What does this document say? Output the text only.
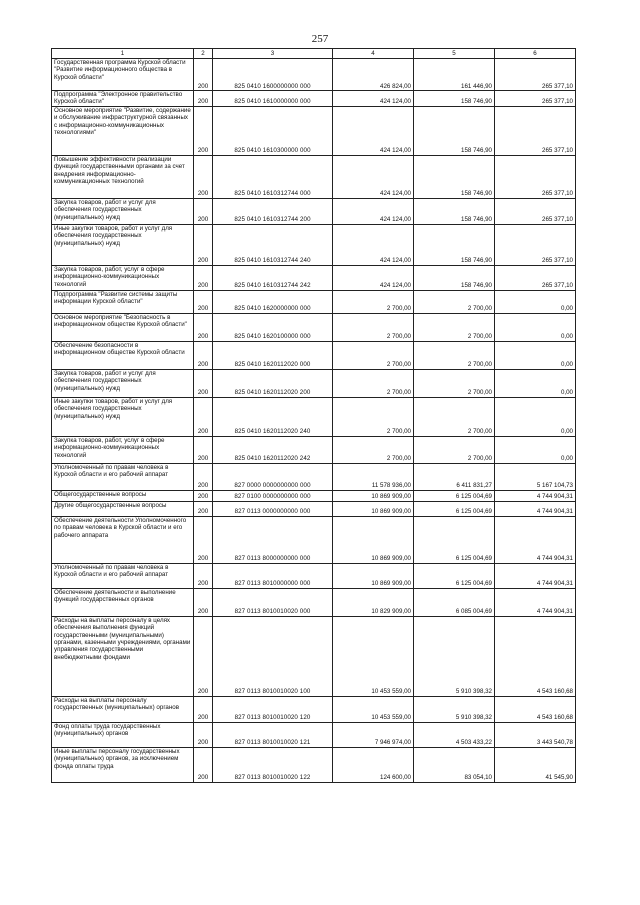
257
1	2	3	4	5	6
Государственная программа Курской области "Развитие информационного общества в Курской области"	200	825 0410 1600000000 000	426 824,00	161 446,90	265 377,10
Подпрограмма "Электронное правительство Курской области"	200	825 0410 1610000000 000	424 124,00	158 746,90	265 377,10
Основное мероприятие "Развитие, содержание и обслуживание инфраструктурной связанных с информационно-коммуникационных технологиями"	200	825 0410 1610300000 000	424 124,00	158 746,90	265 377,10
Повышение эффективности реализации функций государственными органами за счет внедрения информационно-коммуникационных технологий	200	825 0410 1610312744 000	424 124,00	158 746,90	265 377,10
Закупка товаров, работ и услуг для обеспечения государственных (муниципальных) нужд	200	825 0410 1610312744 200	424 124,00	158 746,90	265 377,10
Иные закупки товаров, работ и услуг для обеспечения государственных (муниципальных) нужд	200	825 0410 1610312744 240	424 124,00	158 746,90	265 377,10
Закупка товаров, работ, услуг в сфере информационно-коммуникационных технологий	200	825 0410 1610312744 242	424 124,00	158 746,90	265 377,10
Подпрограмма "Развитие системы защиты информации Курской области"	200	825 0410 1620000000 000	2 700,00	2 700,00	0,00
Основное мероприятие "Безопасность в информационном обществе Курской области"	200	825 0410 1620100000 000	2 700,00	2 700,00	0,00
Обеспечение безопасности в информационном обществе Курской области	200	825 0410 1620112020 000	2 700,00	2 700,00	0,00
Закупка товаров, работ и услуг для обеспечения государственных (муниципальных) нужд	200	825 0410 1620112020 200	2 700,00	2 700,00	0,00
Иные закупки товаров, работ и услуг для обеспечения государственных (муниципальных) нужд	200	825 0410 1620112020 240	2 700,00	2 700,00	0,00
Закупка товаров, работ, услуг в сфере информационно-коммуникационных технологий	200	825 0410 1620112020 242	2 700,00	2 700,00	0,00
Уполномоченный по правам человека в Курской области и его рабочий аппарат	200	827 0000 0000000000 000	11 578 936,00	6 411 831,27	5 167 104,73
Общегосударственные вопросы	200	827 0100 0000000000 000	10 869 909,00	6 125 004,69	4 744 904,31
Другие общегосударственные вопросы	200	827 0113 0000000000 000	10 869 909,00	6 125 004,69	4 744 904,31
Обеспечение деятельности Уполномоченного по правам человека в Курской области и его рабочего аппарата	200	827 0113 8000000000 000	10 869 909,00	6 125 004,69	4 744 904,31
Уполномоченный по правам человека в Курской области и его рабочий аппарат	200	827 0113 8010000000 000	10 869 909,00	6 125 004,69	4 744 904,31
Обеспечение деятельности и выполнение функций государственных органов	200	827 0113 8010010020 000	10 829 909,00	6 085 004,69	4 744 904,31
Расходы на выплаты персоналу в целях обеспечения выполнения функций государственными (муниципальными) органами, казенными учреждениями, органами управления государственными внебюджетными фондами	200	827 0113 8010010020 100	10 453 559,00	5 910 398,32	4 543 160,68
Расходы на выплаты персоналу государственных (муниципальных) органов	200	827 0113 8010010020 120	10 453 559,00	5 910 398,32	4 543 160,68
Фонд оплаты труда государственных (муниципальных) органов	200	827 0113 8010010020 121	7 946 974,00	4 503 433,22	3 443 540,78
Иные выплаты персоналу государственных (муниципальных) органов, за исключением фонда оплаты труда	200	827 0113 8010010020 122	124 600,00	83 054,10	41 545,90
